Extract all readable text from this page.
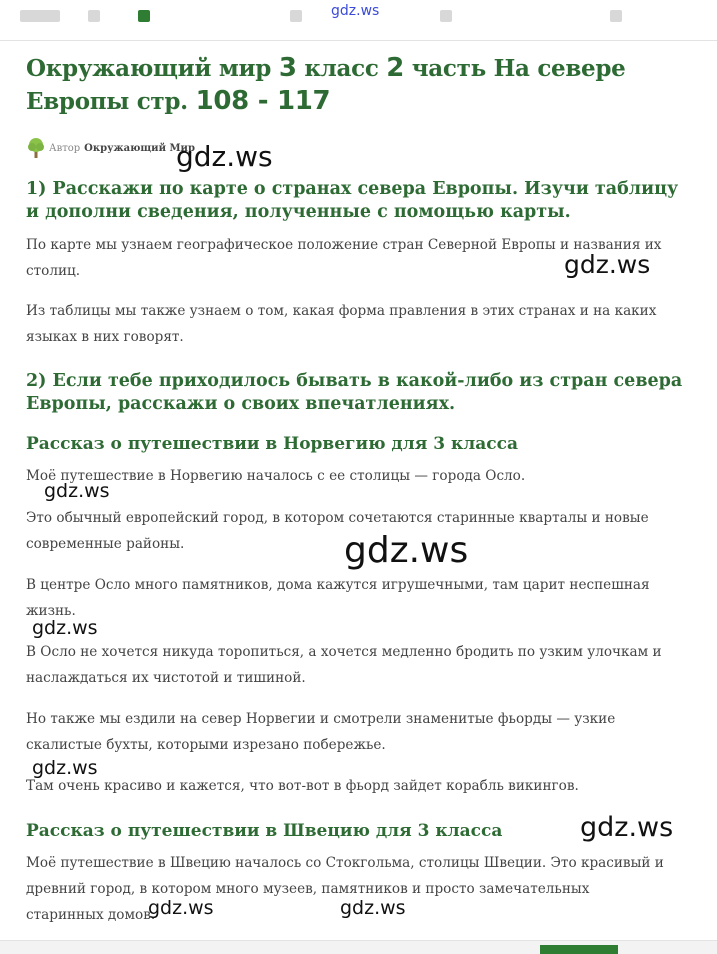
gdz.ws
Окружающий мир 3 класс 2 часть На севере Европы стр. 108 - 117
Автор Окружающий Мир
1) Расскажи по карте о странах севера Европы. Изучи таблицу и дополни сведения, полученные с помощью карты.

По карте мы узнаем географическое положение стран Северной Европы и названия их столиц.

Из таблицы мы также узнаем о том, какая форма правления в этих странах и на каких языках в них говорят.

2) Если тебе приходилось бывать в какой-либо из стран севера Европы, расскажи о своих впечатлениях.
Рассказ о путешествии в Норвегию для 3 класса

Моё путешествие в Норвегию началось с ее столицы — города Осло.

Это обычный европейский город, в котором сочетаются старинные кварталы и новые современные районы.

В центре Осло много памятников, дома кажутся игрушечными, там царит неспешная жизнь.

В Осло не хочется никуда торопиться, а хочется медленно бродить по узким улочкам и наслаждаться их чистотой и тишиной.

Но также мы ездили на север Норвегии и смотрели знаменитые фьорды — узкие скалистые бухты, которыми изрезано побережье.

Там очень красиво и кажется, что вот-вот в фьорд зайдет корабль викингов.

Рассказ о путешествии в Швецию для 3 класса

Моё путешествие в Швецию началось со Стокгольма, столицы Швеции. Это красивый и древний город, в котором много музеев, памятников и просто замечательных старинных домов.

gdz.ws
gdz.ws
gdz.ws
gdz.ws
gdz.ws
gdz.ws
gdz.ws
gdz.ws	gdz.ws
